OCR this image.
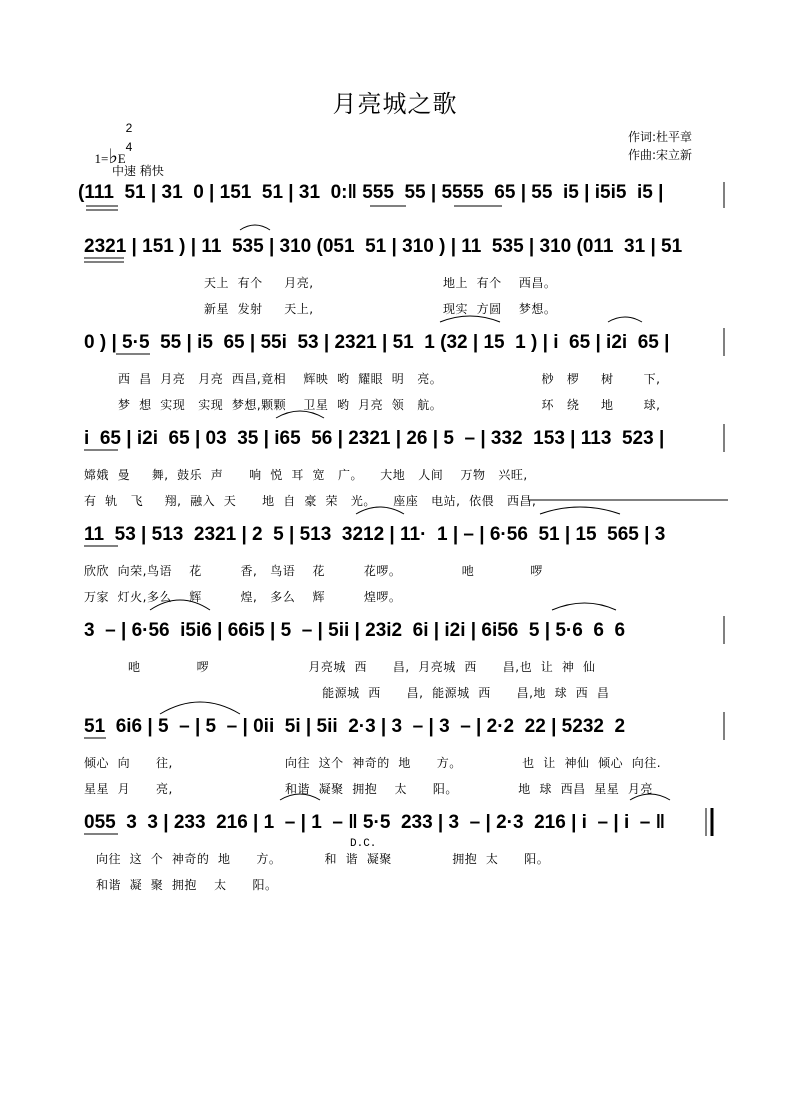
月亮城之歌

1=♭E

2
4
作词:杜平章
作曲:宋立新
中速 稍快
(111  51 | 31  0 | 151  51 | 31  0:‖ 555  55 | 5555  65 | 55  i5 | i5i5  i5 |
2321 | 151 ) | 11  535 | 310 (051  51 | 310 ) | 11  535 | 310 (011  31 | 51
天上  有个     月亮,                              地上  有个    西昌。
新星  发射     天上,                              现实  方圆    梦想。
0 ) | 5·5  55 | i5  65 | 55i  53 | 2321 | 51  1 (32 | 15  1 ) | i  65 | i2i  65 |
西  昌  月亮   月亮  西昌,竟相    辉映  哟  耀眼  明   亮。                       桫   椤     树       下,
梦  想  实现   实现  梦想,颗颗    卫星  哟  月亮  领   航。                       环   绕     地       球,
i  65 | i2i  65 | 03  35 | i65  56 | 2321 | 26 | 5  – | 332  153 | 113  523 |
嫦娥  曼     舞,  鼓乐  声      响  悦  耳  宽   广。    大地   人间    万物   兴旺,
有  轨   飞     翔,  融入  天      地  自  豪  荣   光。    座座   电站,  依偎   西昌,
11  53 | 513  2321 | 2  5 | 513  3212 | 11·  1 | – | 6·56  51 | 15  565 | 3
欣欣  向荣,鸟语    花         香,   鸟语    花         花啰。              吔             啰
万家  灯火,多么    辉         煌,   多么    辉         煌啰。
3  – | 6·56  i5i6 | 66i5 | 5  – | 5ii | 23i2  6i | i2i | 6i56  5 | 5·6  6  6
吔             啰                       月亮城  西      昌,  月亮城  西      昌,也  让  神  仙
能源城  西      昌,  能源城  西      昌,地  球  西  昌
51  6i6 | 5  – | 5  – | 0ii  5i | 5ii  2·3 | 3  – | 3  – | 2·2  22 | 5232  2
倾心  向      往,                          向往  这个  神奇的  地      方。              也  让  神仙  倾心  向往.
星星  月      亮,                          和谐  凝聚  拥抱    太      阳。              地  球  西昌  星星  月亮
055  3  3 | 233  216 | 1  – | 1  – ‖ 5·5  233 | 3  – | 2·3  216 | i  – | i  – ‖
D.C.
向往  这  个  神奇的  地      方。          和  谐  凝聚              拥抱  太      阳。
和谐  凝  聚  拥抱    太      阳。
